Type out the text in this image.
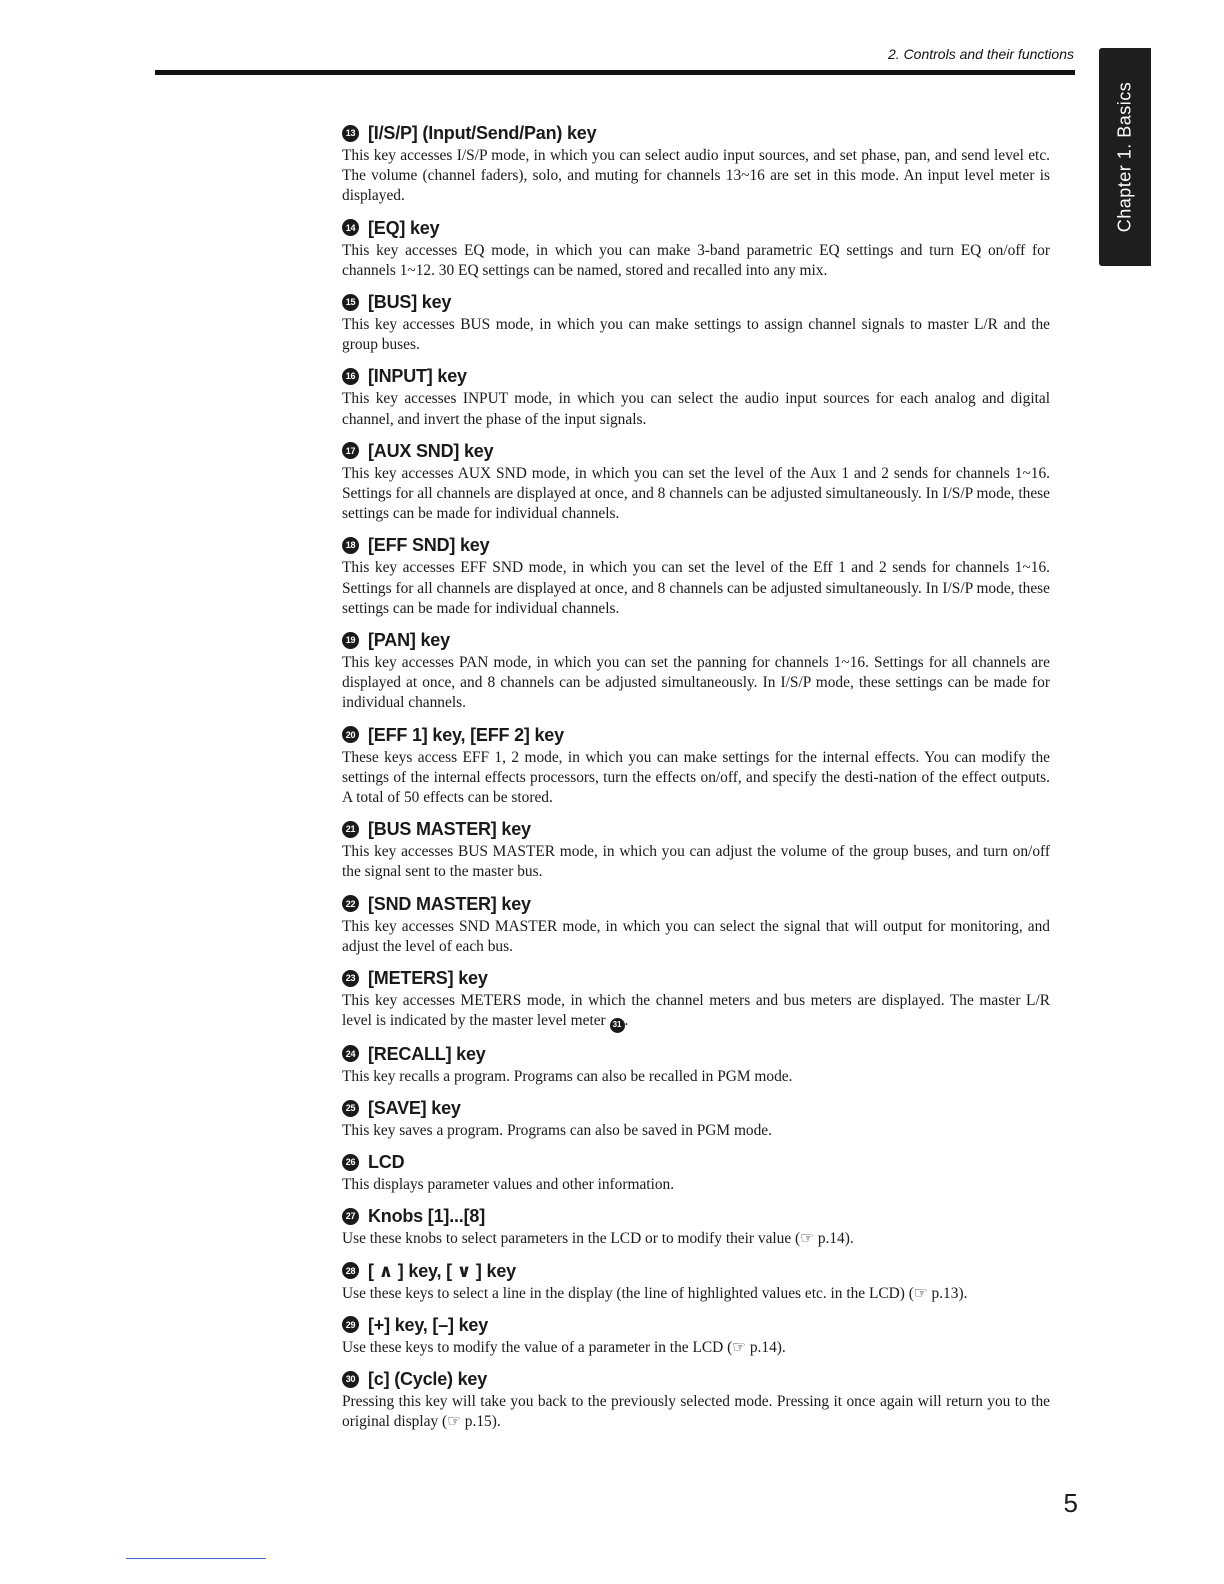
2. Controls and their functions
Chapter 1. Basics
13 [I/S/P] (Input/Send/Pan) key

This key accesses I/S/P mode, in which you can select audio input sources, and set phase, pan, and send level etc. The volume (channel faders), solo, and muting for channels 13~16 are set in this mode. An input level meter is displayed.

14 [EQ] key

This key accesses EQ mode, in which you can make 3-band parametric EQ settings and turn EQ on/off for channels 1~12. 30 EQ settings can be named, stored and recalled into any mix.

15 [BUS] key

This key accesses BUS mode, in which you can make settings to assign channel signals to master L/R and the group buses.

16 [INPUT] key

This key accesses INPUT mode, in which you can select the audio input sources for each analog and digital channel, and invert the phase of the input signals.

17 [AUX SND] key

This key accesses AUX SND mode, in which you can set the level of the Aux 1 and 2 sends for channels 1~16. Settings for all channels are displayed at once, and 8 channels can be adjusted simultaneously. In I/S/P mode, these settings can be made for individual channels.

18 [EFF SND] key

This key accesses EFF SND mode, in which you can set the level of the Eff 1 and 2 sends for channels 1~16. Settings for all channels are displayed at once, and 8 channels can be adjusted simultaneously. In I/S/P mode, these settings can be made for individual channels.

19 [PAN] key

This key accesses PAN mode, in which you can set the panning for channels 1~16. Settings for all channels are displayed at once, and 8 channels can be adjusted simultaneously. In I/S/P mode, these settings can be made for individual channels.

20 [EFF 1] key, [EFF 2] key

These keys access EFF 1, 2 mode, in which you can make settings for the internal effects. You can modify the settings of the internal effects processors, turn the effects on/off, and specify the desti-nation of the effect outputs. A total of 50 effects can be stored.

21 [BUS MASTER] key

This key accesses BUS MASTER mode, in which you can adjust the volume of the group buses, and turn on/off the signal sent to the master bus.

22 [SND MASTER] key

This key accesses SND MASTER mode, in which you can select the signal that will output for monitoring, and adjust the level of each bus.

23 [METERS] key

This key accesses METERS mode, in which the channel meters and bus meters are displayed. The master L/R level is indicated by the master level meter 31 .

24 [RECALL] key

This key recalls a program. Programs can also be recalled in PGM mode.

25 [SAVE] key

This key saves a program. Programs can also be saved in PGM mode.

26 LCD

This displays parameter values and other information.

27 Knobs [1]...[8]

Use these knobs to select parameters in the LCD or to modify their value (☞ p.14).

28 [ ∧ ] key, [ ∨ ] key

Use these keys to select a line in the display (the line of highlighted values etc. in the LCD) (☞ p.13).

29 [+] key, [–] key

Use these keys to modify the value of a parameter in the LCD (☞ p.14).

30 [c] (Cycle) key

Pressing this key will take you back to the previously selected mode. Pressing it once again will return you to the original display (☞ p.15).

5
